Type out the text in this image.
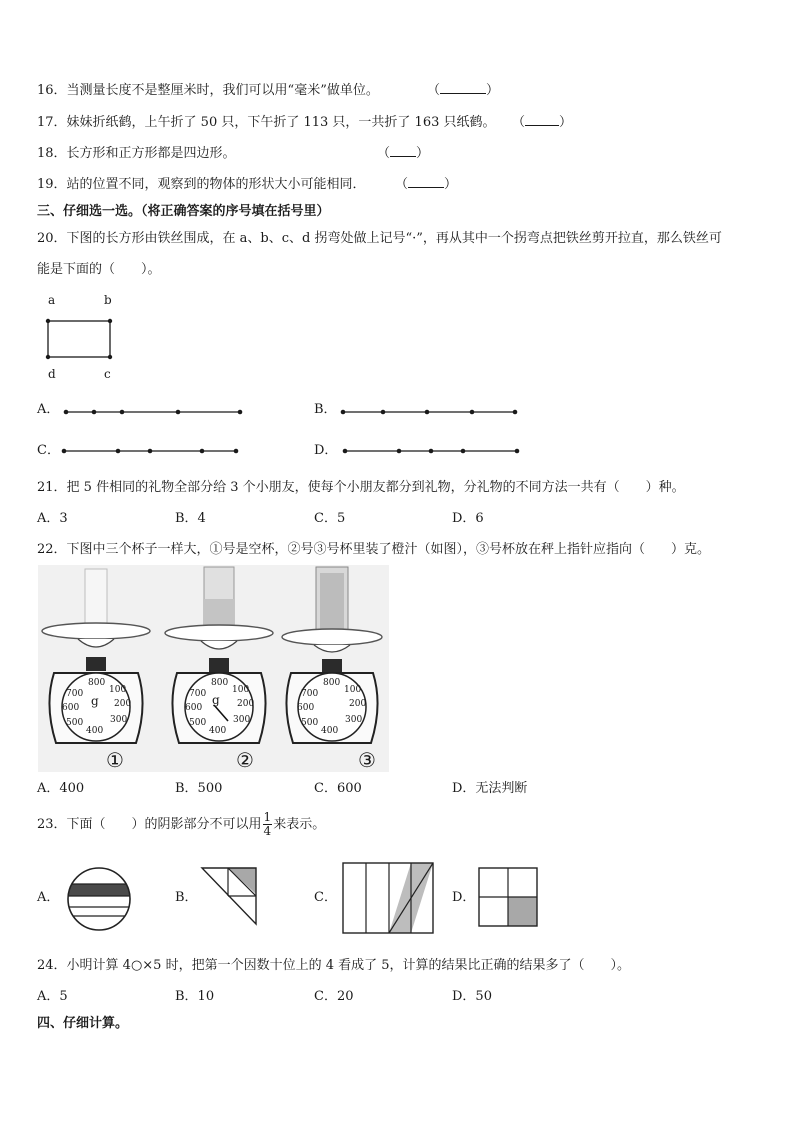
16．当测量长度不是整厘米时，我们可以用“毫米”做单位。	（	）
17．妹妹折纸鹤，上午折了 50 只，下午折了 113 只，一共折了 163 只纸鹤。 （	）
18．长方形和正方形都是四边形。	（ ）
19．站的位置不同，观察到的物体的形状大小可能相同． （	）
三、仔细选一选。（将正确答案的序号填在括号里）
20．下图的长方形由铁丝围成，在 a、b、c、d 拐弯处做上记号“·”，再从其中一个拐弯点把铁丝剪开拉直，那么铁丝可
能是下面的（　　）。
a	b
d	c
A．	B．
C．	D．
21．把 5 件相同的礼物全部分给 3 个小朋友，使每个小朋友都分到礼物，分礼物的不同方法一共有（　　）种。
A．3	B．4	C．5	D．6
22．下图中三个杯子一样大，①号是空杯，②号③号杯里装了橙汁（如图），③号杯放在秤上指针应指向（　　）克。
800
100
700
200
600
300
500
400
g
800
100
700
200
600
300
500
400
g
800
100
700
200
600
300
500
400
①	②	③
A．400	B．500	C．600	D．无法判断
23．下面（　　）的阴影部分不可以用 $\frac{1}{4}$ 来表示。
A．	B．	C．	D．
24．小明计算 4○×5 时，把第一个因数十位上的 4 看成了 5，计算的结果比正确的结果多了（　　）。
A．5	B．10	C．20	D．50
四、仔细计算。
